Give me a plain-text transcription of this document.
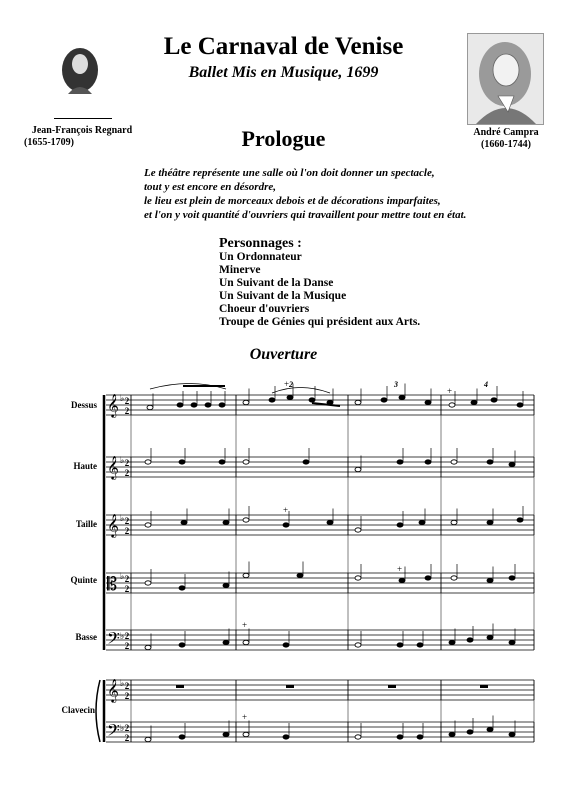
Le Carnaval de Venise
Ballet Mis en Musique, 1699
Jean-François Regnard
(1655-1709)
André Campra
(1660-1744)
Prologue
Le théâtre représente une salle où l'on doit donner un spectacle,
tout y est encore en désordre,
le lieu est plein de morceaux debois et de décorations imparfaites,
et l'on y voit quantité d'ouvriers qui travaillent pour mettre tout en état.
Personnages :
Un Ordonnateur
Minerve
Un Suivant de la Danse
Un Suivant de la Musique
Choeur d'ouvriers
Troupe de Génies qui président aux Arts.
Ouverture
𝄞 ♭ 2
2
𝄞 ♭ 2
2
𝄞 ♭ 2
2
𝄡 ♭ 2
2
𝄢 ♭ 2
2
𝄞 ♭ 2
2
𝄢 ♭ 2
2
Dessus
Haute
Taille
Quinte
Basse
Clavecin
2	3	4
+
+
+
+
+
+
